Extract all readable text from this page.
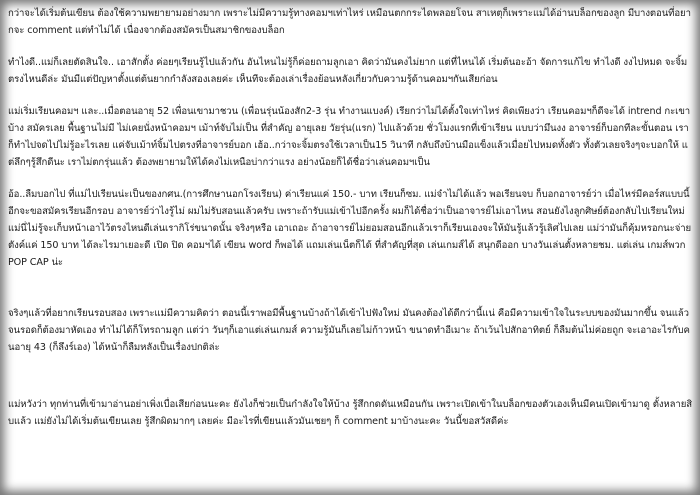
กว่าจะได้เริ่มต้นเขียน ต้องใช้ความพยายามอย่างมาก เพราะไม่มีความรู้ทางคอมฯเท่าไหร่ เหมือนตกกระไดพลอยโจน สาเหตุก็เพราะแม่ได้อ่านบล็อกของลูก มีบางตอนที่อยากจะ comment แต่ทำไม่ได้ เนื่องจากต้องสมัครเป็นสมาชิกของบล็อก

ทำไงดี..แม่ก็เลยตัดสินใจ.. เอาสักตั้ง ค่อยๆเรียนรู้ไปแล้วกัน อันไหนไม่รู้ก็ค่อยถามลูกเอา คิดว่ามันคงไม่ยาก แต่ที่ไหนได้ เริ่มต้นอะอ้า จัดการแก้ไข ทำไงดี งงไปหมด จะจิ้มตรงไหนดีล่ะ มันมีแต่ปัญหาตั้งแต่ต้นยากกำลังสองเลยค่ะ เห็นทีจะต้องเล่าเรื่องย้อนหลังเกี่ยวกับความรู้ด้านคอมฯกันเสียก่อน

แม่เริ่มเรียนคอมฯ และ..เมื่อตอนอายุ 52 เพื่อนเขามาชวน (เพื่อนรุ่นน้องสัก2-3 รุ่น ทำงานแบงค์) เรียกว่าไม่ได้ตั้งใจเท่าไหร่ คิดเพียงว่า เรียนคอมฯก็ดีจะได้ intrend กะเขาบ้าง สมัครเลย พื้นฐานไม่มี ไม่เคยนั่งหน้าคอมฯ เม้าท์จับไม่เป็น ที่สำคัญ อายุเลย วัยรุ่น(แรก) ไปแล้วด้วย ชั่วโมงแรกที่เข้าเรียน แบบว่ามึนงง อาจารย์ก็บอกทีละขั้นตอน เราก็ทำไปจดไปไม่รู้อะไรเลย แค่จับเม้าท์จิ้มไปตรงที่อาจารย์บอก เฮ้อ..กว่าจะจิ้มตรงใช้เวลาเป็น15 วินาที กลับถึงบ้านมือแข็งแล้วเมื่อยไปหมดทั้งตัว ทั้งตัวเลยจริงๆจะบอกให้ แต่ลึกๆรู้สึกดีนะ เราไม่ตกรุ่นแล้ว ต้องพยายามให้ได้คงไม่เหนือบ่ากว่าแรง อย่างน้อยก็ได้ชื่อว่าเล่นคอมฯเป็น

อ้อ..ลืมบอกไป ที่แม่ไปเรียนน่ะเป็นของกศน.(การศึกษานอกโรงเรียน) ค่าเรียนแค่ 150.- บาท เรียนก็ซม. แม่จำไม่ได้แล้ว พอเรียนจบ ก็บอกอาจารย์ว่า เมื่อไหร่มีคอร์สแบบนี้อีกจะขอสมัครเรียนอีกรอบ อาจารย์ว่าไงรู้ไม่ ผมไม่รับสอนแล้วครับ เพราะถ้ารับแม่เข้าไปอีกครั้ง ผมก็ได้ชื่อว่าเป็นอาจารย์ไม่เอาไหน สอนยังไงลูกศิษย์ต้องกลับไปเรียนใหม่ แม่นี่ไม่รู้จะเก็บหน้าเอาไว้ตรงไหนดีเล่นเรากิโร่ขนาดนั้น จริงๆหรือ เอาเถอะ ถ้าอาจารย์ไม่ยอมสอนอีกแล้วเราก็เรียนเองจะให้มันรู้แล้วรู้เลิศไปเลย แม่ว่ามันก็คุ้มหรอกนะจ่ายตังค์แค่ 150 บาท ได้ละไรมาเยอะดี เปิด ปิด คอมฯได้ เขียน word ก็พอได้ แถมเล่นเน็ตก็ได้ ที่สำคัญที่สุด เล่นเกมส์ได้ สนุกดีออก บางวันเล่นตั้งหลายชม. แต่เล่น เกมส์พวก POP CAP น่ะ

จริงๆแล้วที่อยากเรียนรอบสอง เพราะแม่มีความคิดว่า ตอนนี้เราพอมีพื้นฐานบ้างถ้าได้เข้าไปฟังใหม่ มันคงต้องได้ดีกว่านี้แน่ คือมีความเข้าใจในระบบของมันมากขึ้น จนแล้วจนรอดก็ต้องมาหัดเอง ทำไม่ได้ก็โทรถามลูก แต่ว่า วันๆก็เอาแต่เล่นเกมส์ ความรู้มันก็เลยไม่ก้าวหน้า ขนาดทำอีเมาะ ถ้าเว้นไปสักอาทิตย์ ก็ลืมต้นไม่ค่อยถูก จะเอาอะไรกับคนอายุ 43 (ก็ลึงร์เอง) ได้หน้าก็ลืมหลังเป็นเรื่องปกติล่ะ

แม่หวังว่า ทุกท่านที่เข้ามาอ่านอย่าเพิ่งเบื่อเสียก่อนนะคะ ยังไงก็ช่วยเป็นกำลังใจให้บ้าง รู้สึกกดดันเหมือนกัน เพราะเปิดเข้าในบล็อกของตัวเองเห็นมีคนเปิดเข้ามาดู ตั้งหลายสิบแล้ว แม่ยังไม่ได้เริ่มต้นเขียนเลย รู้สึกผิดมากๆ เลยค่ะ มีอะไรที่เขียนแล้วมันเชยๆ ก็ comment มาบ้างนะคะ วันนี้ขอสวัสดีค่ะ
